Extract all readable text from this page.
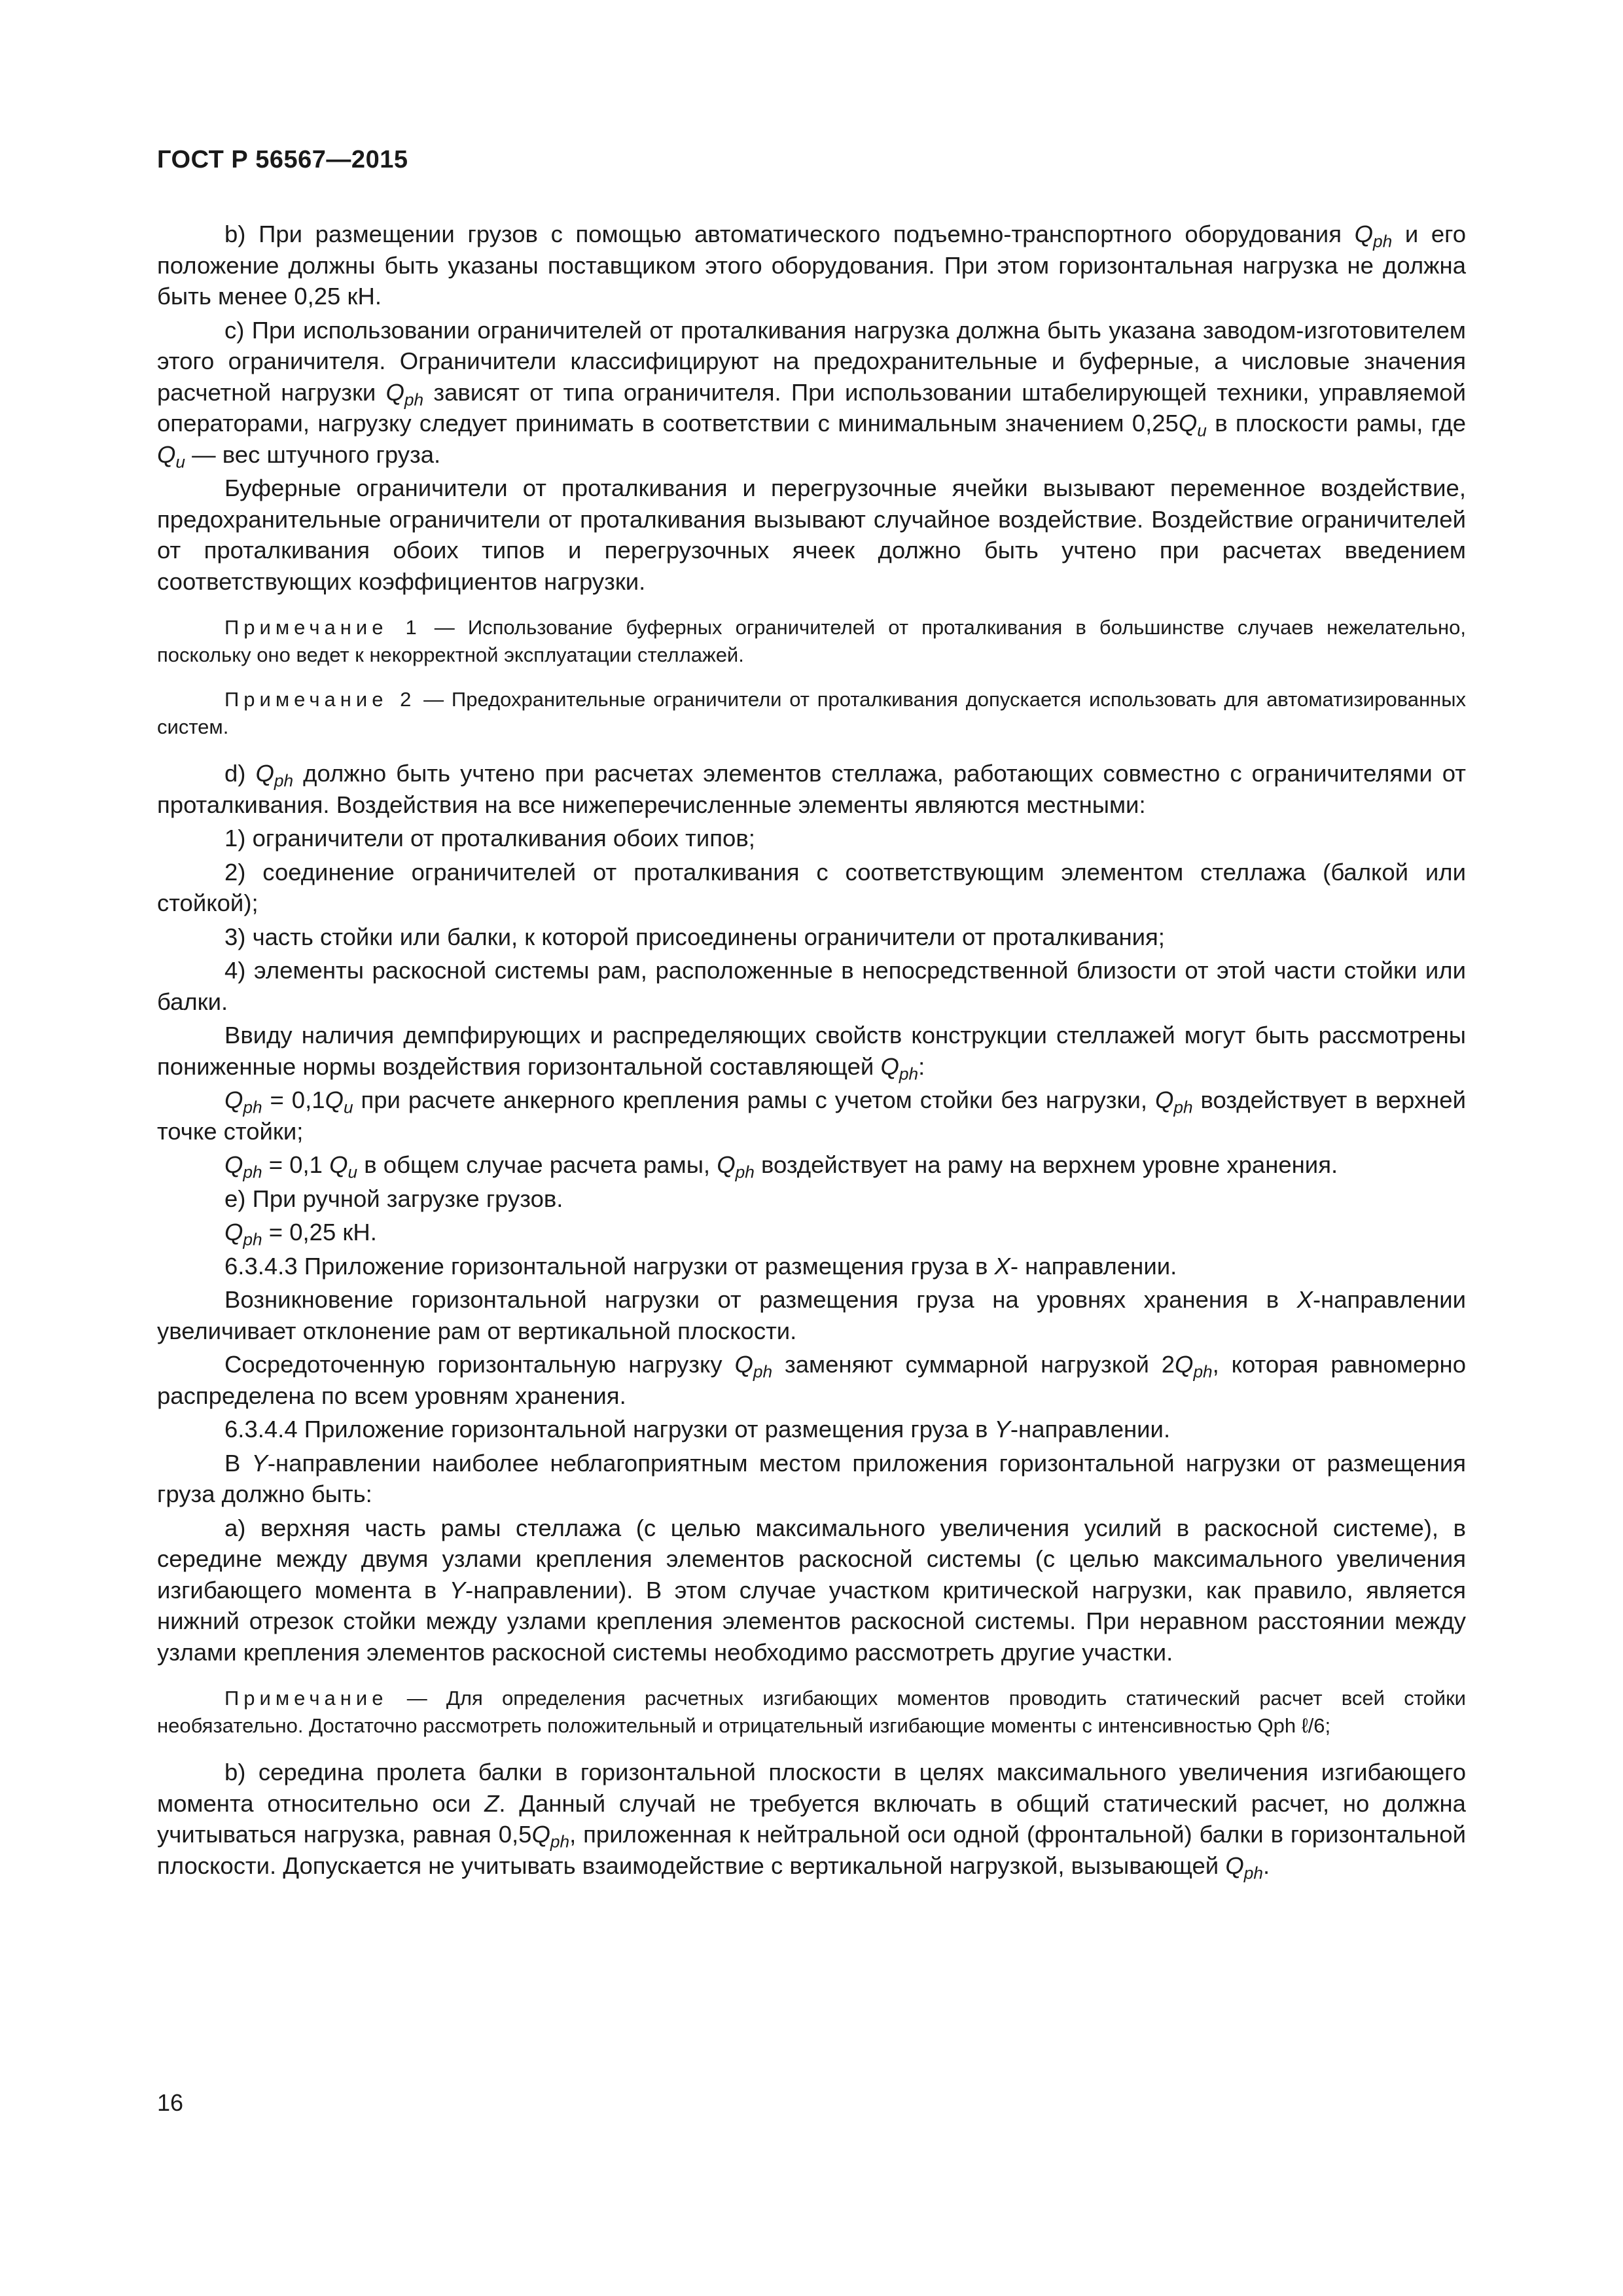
ГОСТ Р 56567—2015

b) При размещении грузов с помощью автоматического подъемно-транспортного оборудования $Q_{ph}$ и его положение должны быть указаны поставщиком этого оборудования. При этом горизонтальная нагрузка не должна быть менее 0,25 кН.

с) При использовании ограничителей от проталкивания нагрузка должна быть указана заводом-изготовителем этого ограничителя. Ограничители классифицируют на предохранительные и буферные, а числовые значения расчетной нагрузки $Q_{ph}$ зависят от типа ограничителя. При использовании штабелирующей техники, управляемой операторами, нагрузку следует принимать в соответствии с минимальным значением $0,25Q_u$ в плоскости рамы, где $Q_u$ — вес штучного груза.

Буферные ограничители от проталкивания и перегрузочные ячейки вызывают переменное воздействие, предохранительные ограничители от проталкивания вызывают случайное воздействие. Воздействие ограничителей от проталкивания обоих типов и перегрузочных ячеек должно быть учтено при расчетах введением соответствующих коэффициентов нагрузки.

Примечание 1 — Использование буферных ограничителей от проталкивания в большинстве случаев нежелательно, поскольку оно ведет к некорректной эксплуатации стеллажей.

Примечание 2 — Предохранительные ограничители от проталкивания допускается использовать для автоматизированных систем.

d) $Q_{ph}$ должно быть учтено при расчетах элементов стеллажа, работающих совместно с ограничителями от проталкивания. Воздействия на все нижеперечисленные элементы являются местными:

1) ограничители от проталкивания обоих типов;

2) соединение ограничителей от проталкивания с соответствующим элементом стеллажа (балкой или стойкой);

3) часть стойки или балки, к которой присоединены ограничители от проталкивания;

4) элементы раскосной системы рам, расположенные в непосредственной близости от этой части стойки или балки.

Ввиду наличия демпфирующих и распределяющих свойств конструкции стеллажей могут быть рассмотрены пониженные нормы воздействия горизонтальной составляющей $Q_{ph}$:

$Q_{ph} = 0,1Q_u$ при расчете анкерного крепления рамы с учетом стойки без нагрузки, $Q_{ph}$ воздействует в верхней точке стойки;

$Q_{ph} = 0,1$ $Q_u$ в общем случае расчета рамы, $Q_{ph}$ воздействует на раму на верхнем уровне хранения.

е) При ручной загрузке грузов.

$Q_{ph} = 0,25$ кН.

6.3.4.3 Приложение горизонтальной нагрузки от размещения груза в X- направлении.

Возникновение горизонтальной нагрузки от размещения груза на уровнях хранения в X-направлении увеличивает отклонение рам от вертикальной плоскости.

Сосредоточенную горизонтальную нагрузку $Q_{ph}$ заменяют суммарной нагрузкой $2Q_{ph}$, которая равномерно распределена по всем уровням хранения.

6.3.4.4 Приложение горизонтальной нагрузки от размещения груза в Y-направлении.

В Y-направлении наиболее неблагоприятным местом приложения горизонтальной нагрузки от размещения груза должно быть:

а) верхняя часть рамы стеллажа (с целью максимального увеличения усилий в раскосной системе), в середине между двумя узлами крепления элементов раскосной системы (с целью максимального увеличения изгибающего момента в Y-направлении). В этом случае участком критической нагрузки, как правило, является нижний отрезок стойки между узлами крепления элементов раскосной системы. При неравном расстоянии между узлами крепления элементов раскосной системы необходимо рассмотреть другие участки.

Примечание — Для определения расчетных изгибающих моментов проводить статический расчет всей стойки необязательно. Достаточно рассмотреть положительный и отрицательный изгибающие моменты с интенсивностью Qph ℓ/6;

b) середина пролета балки в горизонтальной плоскости в целях максимального увеличения изгибающего момента относительно оси Z. Данный случай не требуется включать в общий статический расчет, но должна учитываться нагрузка, равная $0,5Q_{ph}$, приложенная к нейтральной оси одной (фронтальной) балки в горизонтальной плоскости. Допускается не учитывать взаимодействие с вертикальной нагрузкой, вызывающей $Q_{ph}$.

16
